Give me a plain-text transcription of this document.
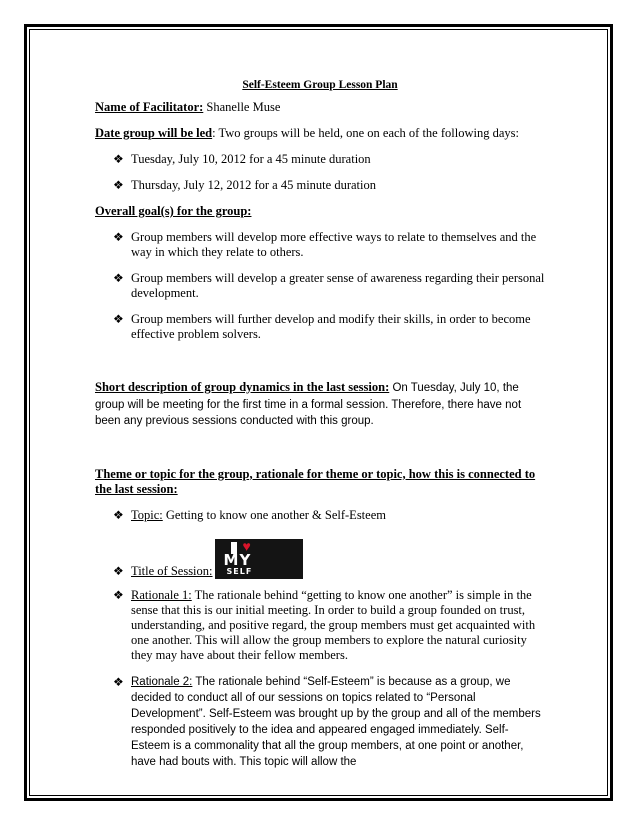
Self-Esteem Group Lesson Plan
Name of Facilitator: Shanelle Muse
Date group will be led: Two groups will be held, one on each of the following days:
❖ Tuesday, July 10, 2012 for a 45 minute duration
❖ Thursday, July 12, 2012 for a 45 minute duration
Overall goal(s) for the group:
❖ Group members will develop more effective ways to relate to themselves and the way in which they relate to others.
❖ Group members will develop a greater sense of awareness regarding their personal development.
❖ Group members will further develop and modify their skills, in order to become effective problem solvers.
Short description of group dynamics in the last session: On Tuesday, July 10, the group will be meeting for the first time in a formal session. Therefore, there have not been any previous sessions conducted with this group.
Theme or topic for the group, rationale for theme or topic, how this is connected to the last session:
❖ Topic: Getting to know one another & Self-Esteem
❖ Title of Session:
♥
MY
SELF
❖ Rationale 1: The rationale behind “getting to know one another” is simple in the sense that this is our initial meeting. In order to build a group founded on trust, understanding, and positive regard, the group members must get acquainted with one another. This will allow the group members to explore the natural curiosity they may have about their fellow members.
❖ Rationale 2: The rationale behind “Self-Esteem” is because as a group, we decided to conduct all of our sessions on topics related to “Personal Development”. Self-Esteem was brought up by the group and all of the members responded positively to the idea and appeared engaged immediately. Self-Esteem is a commonality that all the group members, at one point or another, have had bouts with. This topic will allow the
